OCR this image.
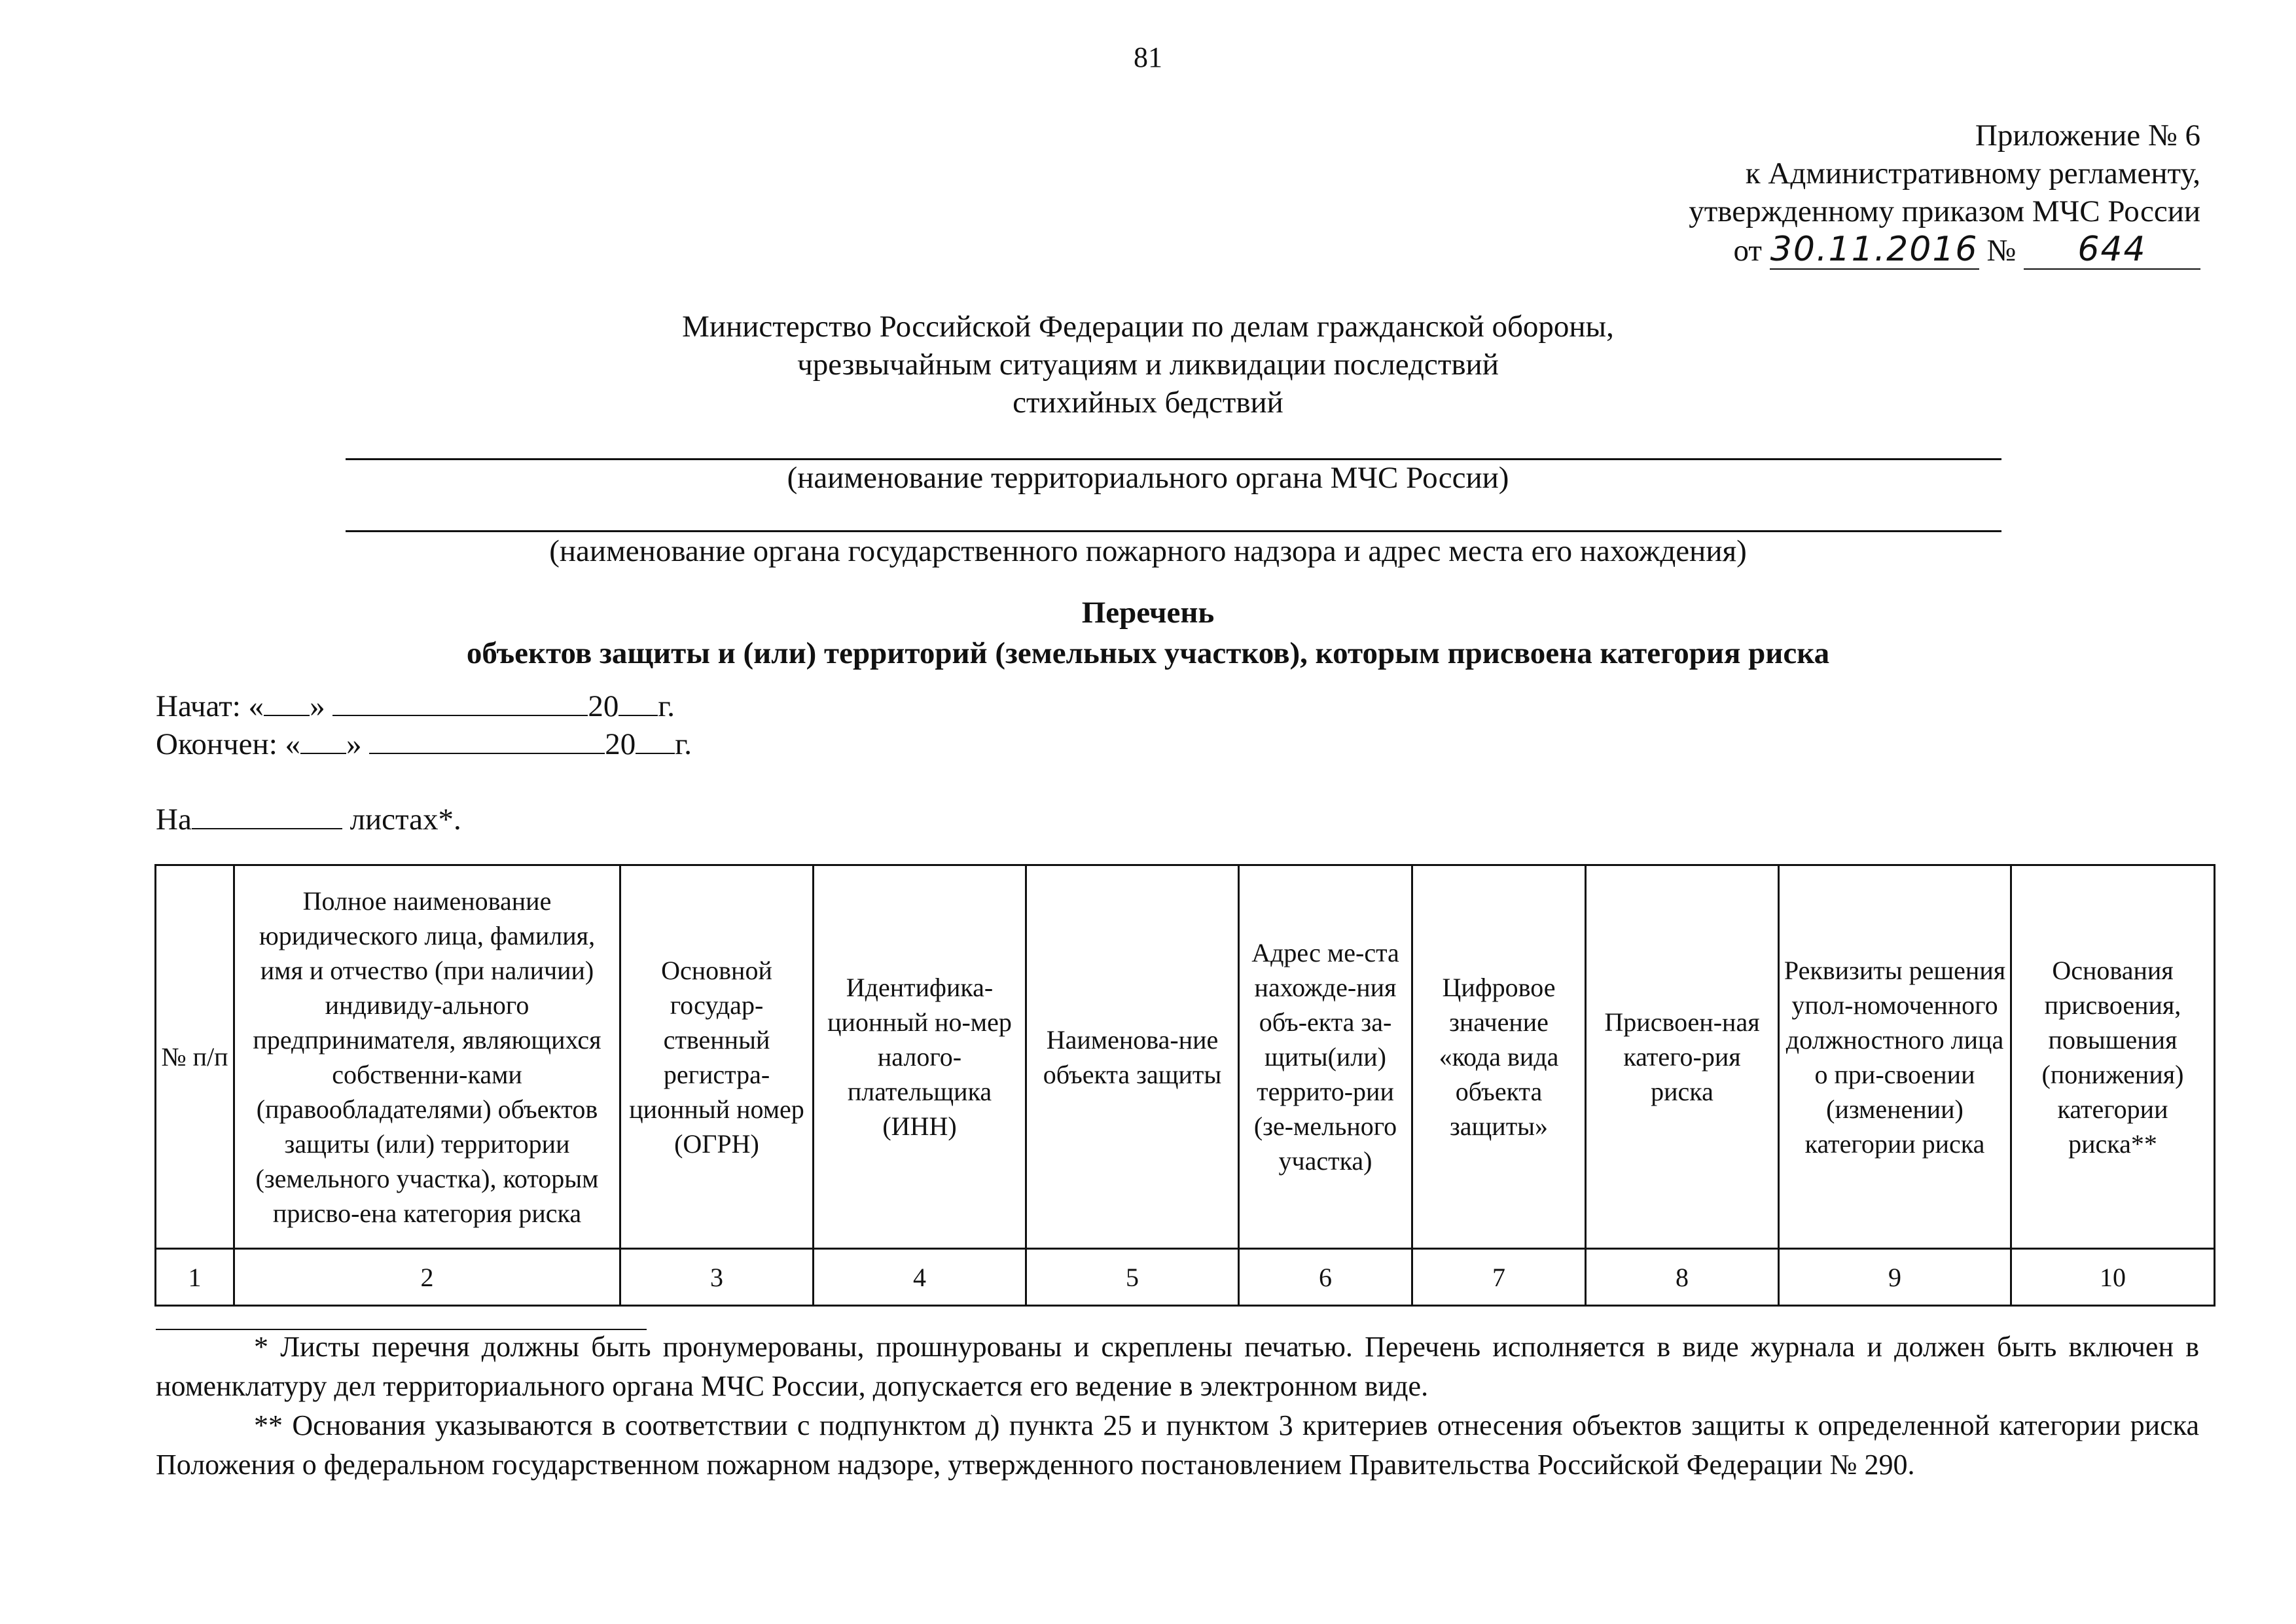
81
Приложение № 6
к Административному регламенту,
утвержденному приказом МЧС России
от 30.11.2016 № 644
Министерство Российской Федерации по делам гражданской обороны,
чрезвычайным ситуациям и ликвидации последствий
стихийных бедствий
(наименование территориального органа МЧС России)
(наименование органа государственного пожарного надзора и адрес места его нахождения)
Перечень
объектов защиты и (или) территорий (земельных участков), которым присвоена категория риска
Начат: « »	20 г.
Окончен: « »	20 г.
На	листах*.
№ п/п	Полное наименование юридического лица, фамилия, имя и отчество (при наличии) индивиду-ального предпринимателя, являющихся собственни-ками (правообладателями) объектов защиты (или) территории (земельного участка), которым присво-ена категория риска	Основной государ-ственный регистра-ционный номер (ОГРН)	Идентифика-ционный но-мер налого-плательщика (ИНН)	Наименова-ние объекта защиты	Адрес ме-ста нахожде-ния объ-екта за-щиты(или) террито-рии (зе-мельного участка)	Цифровое значение «кода вида объекта защиты»	Присвоен-ная катего-рия риска	Реквизиты решения упол-номоченного должностного лица о при-своении (изменении) категории риска	Основания присвоения, повышения (понижения) категории риска**
1	2	3	4	5	6	7	8	9	10

* Листы перечня должны быть пронумерованы, прошнурованы и скреплены печатью. Перечень исполняется в виде журнала и должен быть включен в номенклатуру дел территориального органа МЧС России, допускается его ведение в электронном виде.

** Основания указываются в соответствии с подпунктом д) пункта 25 и пунктом 3 критериев отнесения объектов защиты к определенной категории риска Положения о федеральном государственном пожарном надзоре, утвержденного постановлением Правительства Российской Федерации № 290.
